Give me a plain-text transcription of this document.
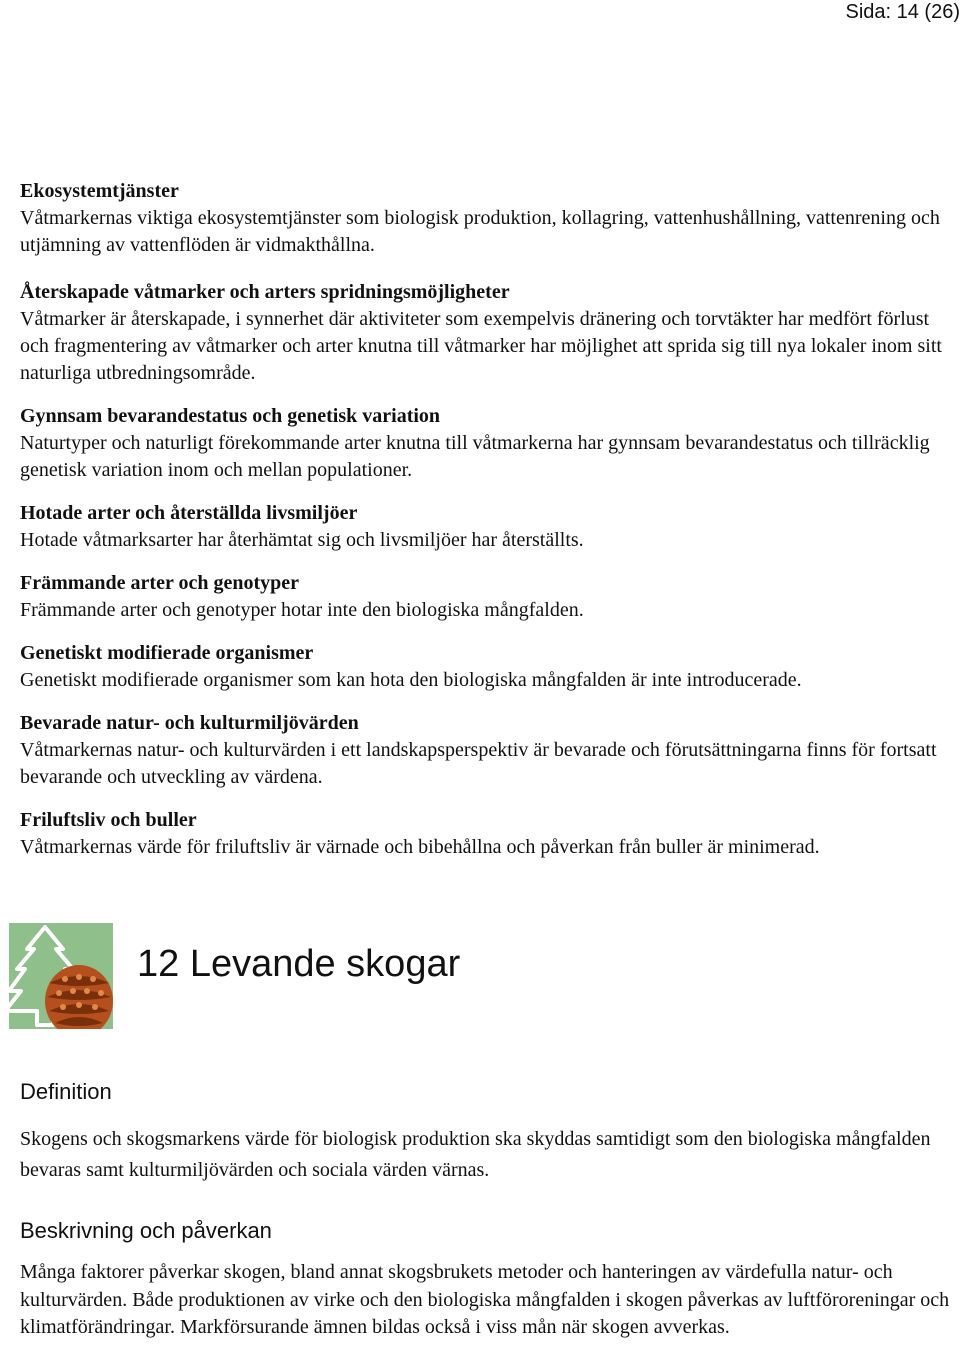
Sida: 14 (26)
Ekosystemtjänster

Våtmarkernas viktiga ekosystemtjänster som biologisk produktion, kollagring, vattenhushållning, vattenrening och utjämning av vattenflöden är vidmakthållna.

Återskapade våtmarker och arters spridningsmöjligheter

Våtmarker är återskapade, i synnerhet där aktiviteter som exempelvis dränering och torvtäkter har medfört förlust och fragmentering av våtmarker och arter knutna till våtmarker har möjlighet att sprida sig till nya lokaler inom sitt naturliga utbredningsområde.

Gynnsam bevarandestatus och genetisk variation

Naturtyper och naturligt förekommande arter knutna till våtmarkerna har gynnsam bevarandestatus och tillräcklig genetisk variation inom och mellan populationer.

Hotade arter och återställda livsmiljöer

Hotade våtmarksarter har återhämtat sig och livsmiljöer har återställts.

Främmande arter och genotyper

Främmande arter och genotyper hotar inte den biologiska mångfalden.

Genetiskt modifierade organismer

Genetiskt modifierade organismer som kan hota den biologiska mångfalden är inte introducerade.

Bevarade natur- och kulturmiljövärden

Våtmarkernas natur- och kulturvärden i ett landskapsperspektiv är bevarade och förutsättningarna finns för fortsatt bevarande och utveckling av värdena.

Friluftsliv och buller

Våtmarkernas värde för friluftsliv är värnade och bibehållna och påverkan från buller är minimerad.

12 Levande skogar
Definition

Skogens och skogsmarkens värde för biologisk produktion ska skyddas samtidigt som den biologiska mångfalden bevaras samt kulturmiljövärden och sociala värden värnas.

Beskrivning och påverkan

Många faktorer påverkar skogen, bland annat skogsbrukets metoder och hanteringen av värdefulla natur- och kulturvärden. Både produktionen av virke och den biologiska mångfalden i skogen påverkas av luftföroreningar och klimatförändringar. Markförsurande ämnen bildas också i viss mån när skogen avverkas.
